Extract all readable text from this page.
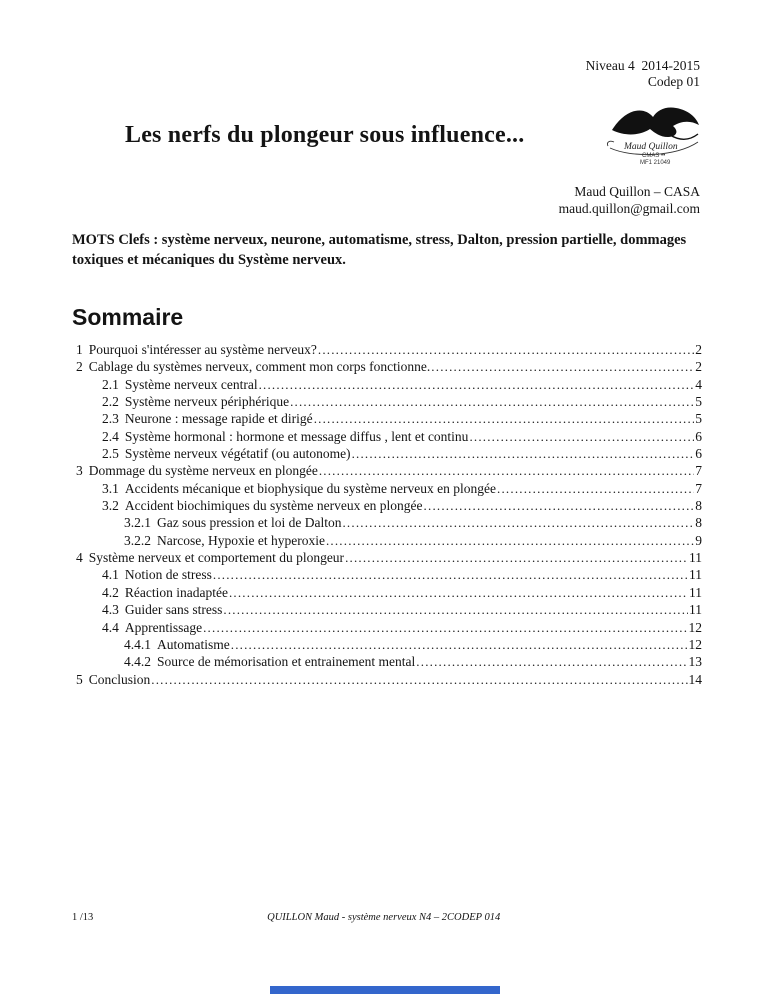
Niveau 4  2014-2015
Codep 01
Les nerfs du plongeur sous influence...	Maud Quillon
CMAS ••
MF1 21049
Maud Quillon – CASA
maud.quillon@gmail.com

MOTS Clefs : système nerveux, neurone, automatisme, stress, Dalton, pression partielle, dommages toxiques et mécaniques du Système nerveux.

Sommaire
1 Pourquoi s'intéresser au système nerveux? .....	2
2 Cablage du systèmes nerveux, comment mon corps fonctionne. .....	2
2.1 Système nerveux central .....	4
2.2 Système nerveux périphérique .....	5
2.3 Neurone : message rapide et dirigé .....	5
2.4 Système hormonal : hormone et message diffus , lent et continu .....	6
2.5 Système nerveux végétatif (ou autonome) .....	6
3 Dommage du système nerveux en plongée .....	7
3.1 Accidents mécanique et biophysique du système nerveux en plongée .....	7
3.2 Accident biochimiques du système nerveux en plongée .....	8
3.2.1 Gaz sous pression et loi de Dalton .....	8
3.2.2 Narcose, Hypoxie et hyperoxie .....	9
4 Système nerveux et comportement du plongeur .....	11
4.1 Notion de stress .....	11
4.2 Réaction inadaptée .....	11
4.3 Guider sans stress .....	11
4.4 Apprentissage .....	12
4.4.1 Automatisme .....	12
4.4.2 Source de mémorisation et entrainement mental .....	13
5 Conclusion .....	14
1 /13	QUILLON Maud - système nerveux N4 – 2CODEP 014
